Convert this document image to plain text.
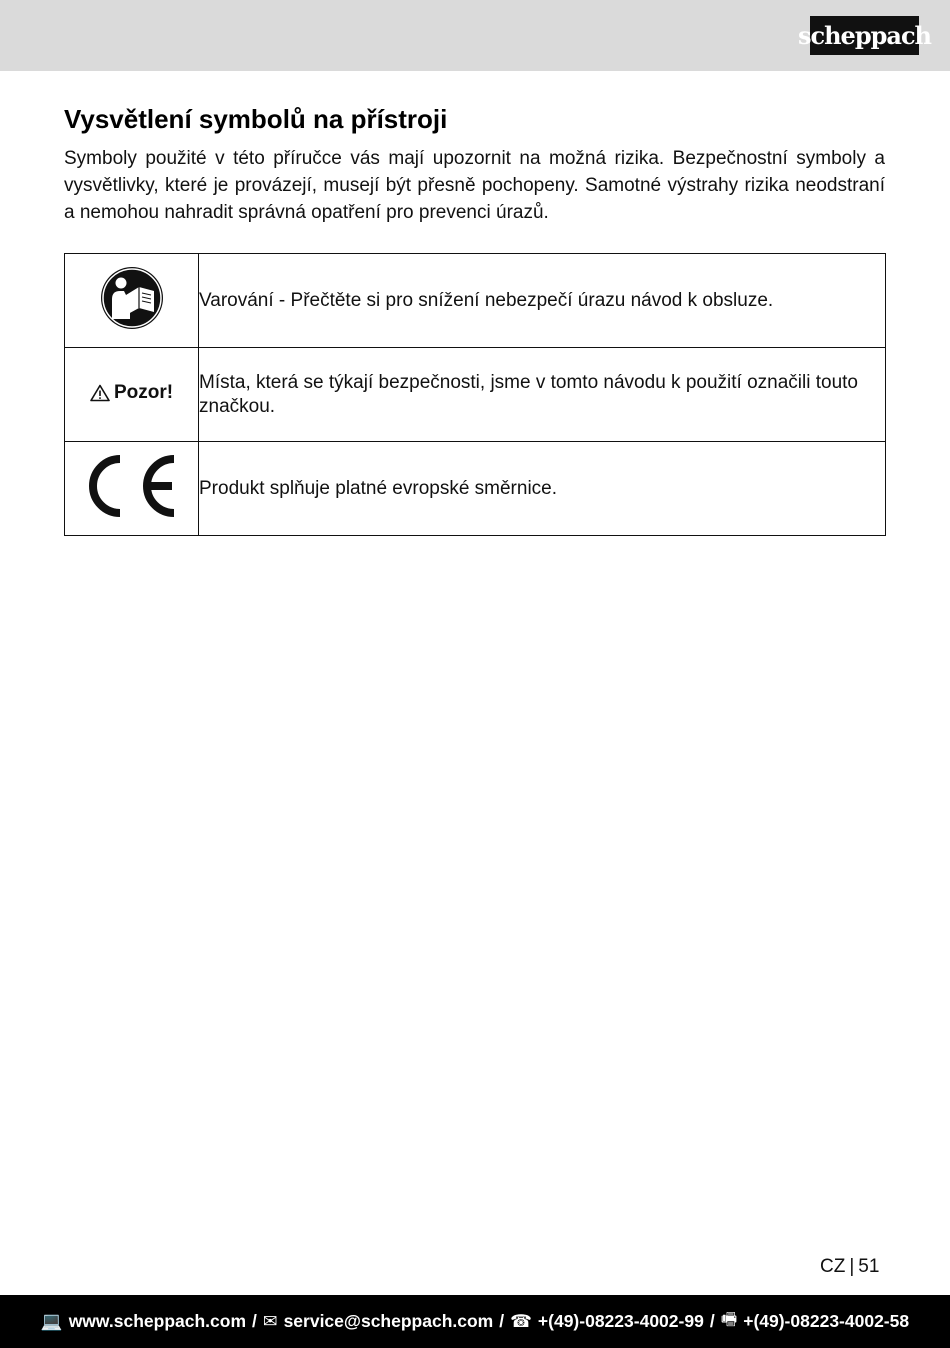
scheppach
Vysvětlení symbolů na přístroji

Symboly použité v této příručce vás mají upozornit na možná rizika. Bezpečnostní symboly a vysvětlivky, které je provázejí, musejí být přesně pochopeny. Samotné výstrahy rizika neodstraní a nemohou nahradit správná opatření pro prevenci úrazů.

	Varování - Přečtěte si pro snížení nebezpečí úrazu návod k obsluze.

Pozor!	Místa, která se týkají bezpečnosti, jsme v tomto návodu k použití označili touto značkou.
	Produkt splňuje platné evropské směrnice.
CZ | 51
💻 www.scheppach.com / ✉ service@scheppach.com / ☎ +(49)-08223-4002-99 / 🖷 +(49)-08223-4002-58
